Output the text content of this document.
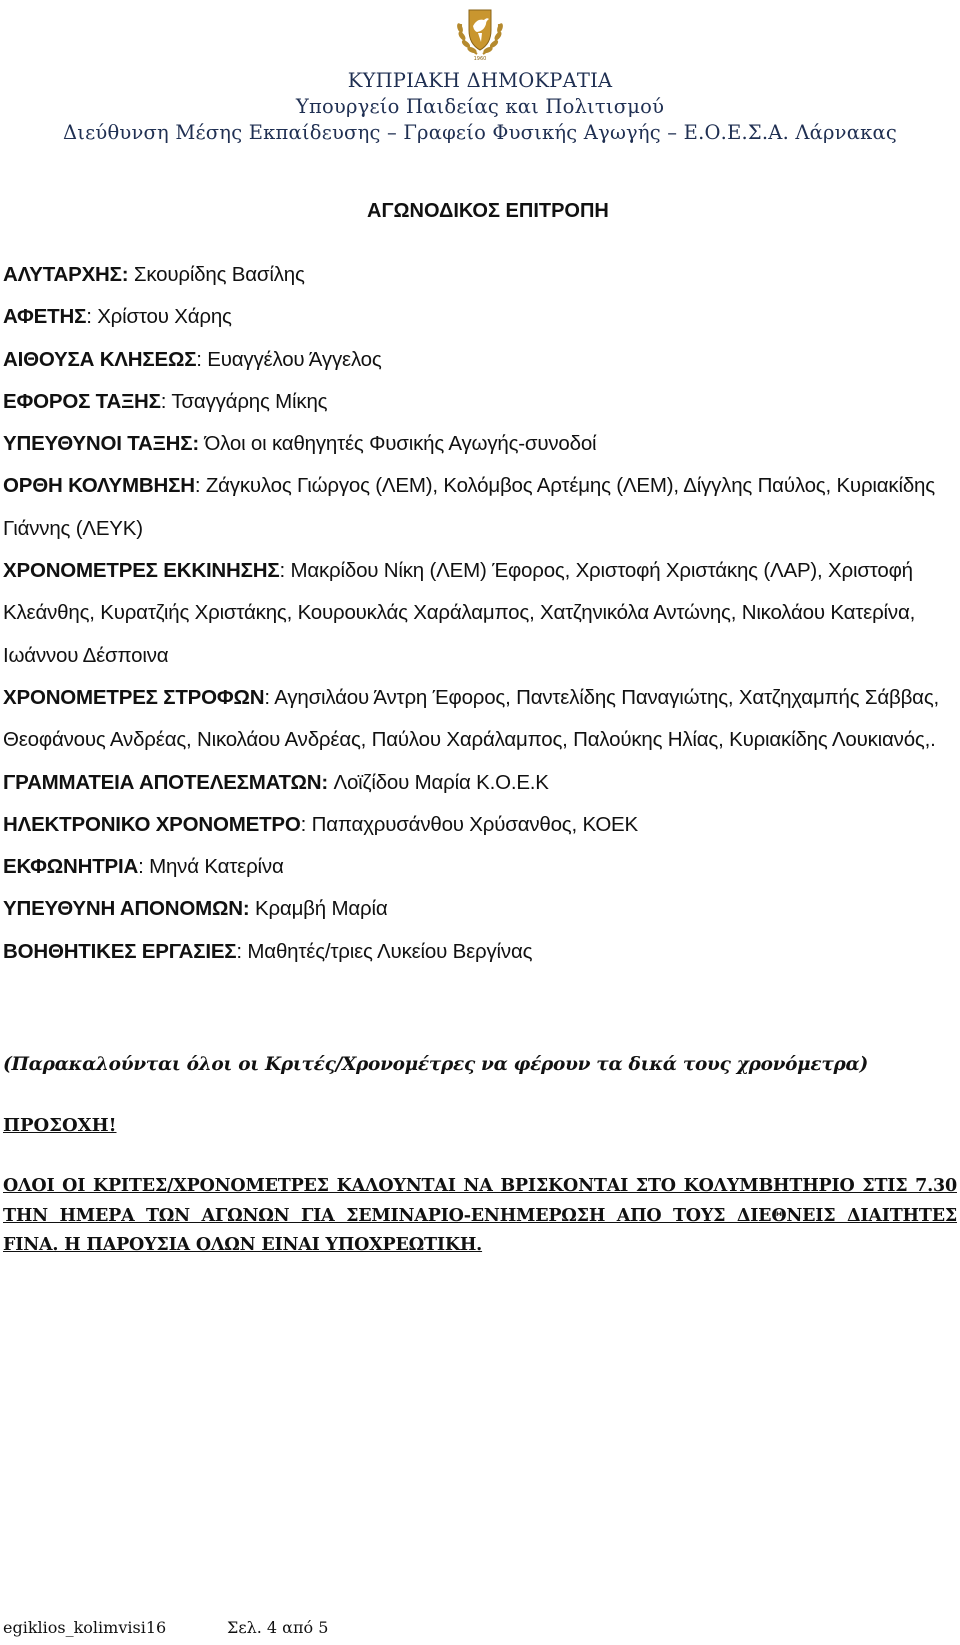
1960
ΚΥΠΡΙΑΚΗ ΔΗΜΟΚΡΑΤΙΑ
Υπουργείο Παιδείας και Πολιτισμού
Διεύθυνση Μέσης Εκπαίδευσης – Γραφείο Φυσικής Αγωγής – Ε.Ο.Ε.Σ.Α. Λάρνακας
ΑΓΩΝΟΔΙΚΟΣ ΕΠΙΤΡΟΠΗ

ΑΛΥΤΑΡΧΗΣ: Σκουρίδης Βασίλης

ΑΦΕΤΗΣ: Χρίστου Χάρης

ΑΙΘΟΥΣΑ ΚΛΗΣΕΩΣ: Ευαγγέλου Άγγελος

ΕΦΟΡΟΣ ΤΑΞΗΣ: Τσαγγάρης Μίκης

ΥΠΕΥΘΥΝΟΙ ΤΑΞΗΣ: Όλοι οι καθηγητές Φυσικής Αγωγής-συνοδοί

ΟΡΘΗ ΚΟΛΥΜΒΗΣΗ: Ζάγκυλος Γιώργος (ΛΕΜ), Κολόμβος Αρτέμης (ΛΕΜ), Δίγγλης Παύλος, Κυριακίδης Γιάννης (ΛΕΥΚ)

ΧΡΟΝΟΜΕΤΡΕΣ ΕΚΚΙΝΗΣΗΣ: Μακρίδου Νίκη (ΛΕΜ) Έφορος, Χριστοφή Χριστάκης (ΛΑΡ), Χριστοφή Κλεάνθης, Κυρατζιής Χριστάκης, Κουρουκλάς Χαράλαμπος, Χατζηνικόλα Αντώνης, Νικολάου Κατερίνα, Ιωάννου Δέσποινα

ΧΡΟΝΟΜΕΤΡΕΣ ΣΤΡΟΦΩΝ: Αγησιλάου Άντρη Έφορος, Παντελίδης Παναγιώτης, Χατζηχαμπής Σάββας, Θεοφάνους Ανδρέας, Νικολάου Ανδρέας, Παύλου Χαράλαμπος, Παλούκης Ηλίας, Κυριακίδης Λουκιανός,.

ΓΡΑΜΜΑΤΕΙΑ ΑΠΟΤΕΛΕΣΜΑΤΩΝ: Λοϊζίδου Μαρία Κ.Ο.Ε.Κ

ΗΛΕΚΤΡΟΝΙΚΟ ΧΡΟΝΟΜΕΤΡΟ: Παπαχρυσάνθου Χρύσανθος, ΚΟΕΚ

ΕΚΦΩΝΗΤΡΙΑ: Μηνά Κατερίνα

ΥΠΕΥΘΥΝΗ ΑΠΟΝΟΜΩΝ: Κραμβή Μαρία

ΒΟΗΘΗΤΙΚΕΣ ΕΡΓΑΣΙΕΣ: Μαθητές/τριες Λυκείου Βεργίνας

(Παρακαλούνται όλοι οι Κριτές/Χρονομέτρες να φέρουν τα δικά τους χρονόμετρα)

ΠΡΟΣΟΧΗ!

ΟΛΟΙ ΟΙ ΚΡΙΤΕΣ/ΧΡΟΝΟΜΕΤΡΕΣ ΚΑΛΟΥΝΤΑΙ ΝΑ ΒΡΙΣΚΟΝΤΑΙ ΣΤΟ ΚΟΛΥΜΒΗΤΗΡΙΟ ΣΤΙΣ 7.30 ΤΗΝ ΗΜΕΡΑ ΤΩΝ ΑΓΩΝΩΝ ΓΙΑ ΣΕΜΙΝΑΡΙΟ-ΕΝΗΜΕΡΩΣΗ ΑΠΟ ΤΟΥΣ ΔΙΕΘΝΕΙΣ ΔΙΑΙΤΗΤΕΣ FINA. Η ΠΑΡΟΥΣΙΑ ΟΛΩΝ ΕΙΝΑΙ ΥΠΟΧΡΕΩΤΙΚΗ.

egiklios_kolimvisi16	Σελ. 4 από 5
